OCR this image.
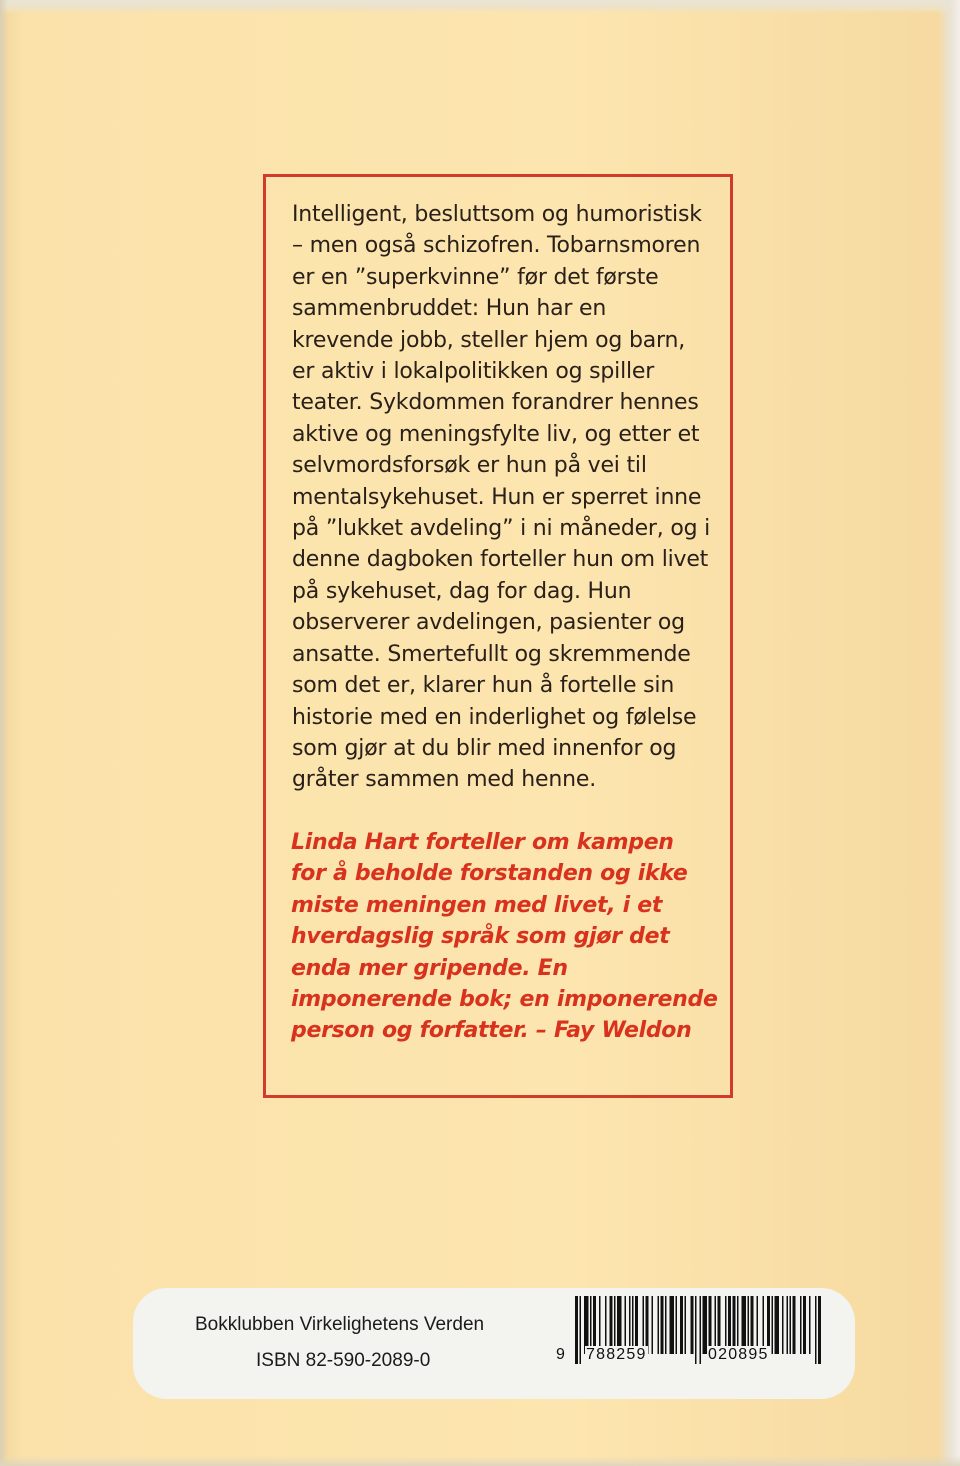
Intelligent, besluttsom og humoristisk
– men også schizofren. Tobarnsmoren
er en ”superkvinne” før det første
sammenbruddet: Hun har en
krevende jobb, steller hjem og barn,
er aktiv i lokalpolitikken og spiller
teater. Sykdommen forandrer hennes
aktive og meningsfylte liv, og etter et
selvmordsforsøk er hun på vei til
mentalsykehuset. Hun er sperret inne
på ”lukket avdeling” i ni måneder, og i
denne dagboken forteller hun om livet
på sykehuset, dag for dag. Hun
observerer avdelingen, pasienter og
ansatte. Smertefullt og skremmende
som det er, klarer hun å fortelle sin
historie med en inderlighet og følelse
som gjør at du blir med innenfor og
gråter sammen med henne.

Linda Hart forteller om kampen
for å beholde forstanden og ikke
miste meningen med livet, i et
hverdagslig språk som gjør det
enda mer gripende. En
imponerende bok; en imponerende
person og forfatter. – Fay Weldon

Bokklubben Virkelighetens Verden
ISBN 82-590-2089-0	9 788259	020895
